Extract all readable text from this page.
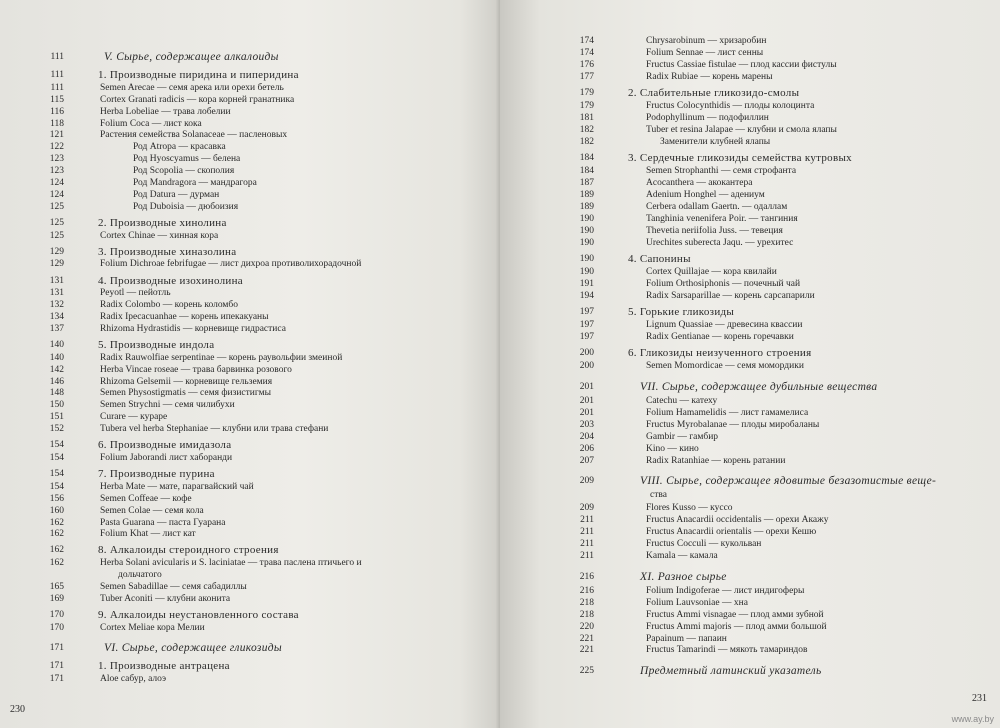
111	V. Сырье, содержащее алкалоиды
111	1. Производные пиридина и пиперидина
111	Semen Arecae — семя арека или орехи бетель
115	Cortex Granati radicis — кора корней гранатника
116	Herba Lobeliae — трава лобелии
118	Folium Coca — лист кока
121	Растения семейства Solanaceae — пасленовых
122	Род Atropa — красавка
123	Род Hyoscyamus — белена
123	Род Scopolia — скополия
124	Род Mandragora — мандрагора
124	Род Datura — дурман
125	Род Duboisia — дюбоизия
125	2. Производные хинолина
125	Cortex Chinae — хинная кора
129	3. Производные хиназолина
129	Folium Dichroae febrifugae — лист дихроа противолихорадочной
131	4. Производные изохинолина
131	Peyotl — пейотль
132	Radix Colombo — корень коломбо
134	Radix Ipecacuanhae — корень ипекакуаны
137	Rhizoma Hydrastidis — корневище гидрастиса
140	5. Производные индола
140	Radix Rauwolfiae serpentinae — корень раувольфии змеиной
142	Herba Vincae roseae — трава барвинка розового
146	Rhizoma Gelsemii — корневище гельземия
148	Semen Physostigmatis — семя физистигмы
150	Semen Strychni — семя чилибухи
151	Curare — кураре
152	Tubera vel herba Stephaniae — клубни или трава стефани
154	6. Производные имидазола
154	Folium Jaborandi лист хаборанди
154	7. Производные пурина
154	Herba Mate — мате, парагвайский чай
156	Semen Coffeae — кофе
160	Semen Colae — семя кола
162	Pasta Guarana — паста Гуарана
162	Folium Khat — лист кат
162	8. Алкалоиды стероидного строения
162	Herba Solani avicularis и S. laciniatae — трава паслена птичьего и
дольчатого
165	Semen Sabadillae — семя сабадиллы
169	Tuber Aconiti — клубни аконита
170	9. Алкалоиды неустановленного состава
170	Cortex Meliae кора Мелии
171	VI. Сырье, содержащее гликозиды
171	1. Производные антрацена
171	Aloe сабур, алоэ
230
174	Chrysarobinum — хризаробин
174	Folium Sennae — лист сенны
176	Fructus Cassiae fistulae — плод кассии фистулы
177	Radix Rubiae — корень марены
179	2. Слабительные гликозидо-смолы
179	Fructus Colocynthidis — плоды колоцинта
181	Podophyllinum — подофиллин
182	Tuber et resina Jalapae — клубни и смола ялапы
182	Заменители клубней ялапы
184	3. Сердечные гликозиды семейства кутровых
184	Semen Strophanthi — семя строфанта
187	Acocanthera — акокантера
189	Adenium Honghel — адениум
189	Cerbera odallam Gaertn. — одаллам
190	Tanghinia venenifera Poir. — тангиния
190	Thevetia neriifolia Juss. — тевеция
190	Urechites suberecta Jaqu. — урехитес
190	4. Сапонины
190	Cortex Quillajae — кора квилайи
191	Folium Orthosiphonis — почечный чай
194	Radix Sarsaparillae — корень сарсапарили
197	5. Горькие гликозиды
197	Lignum Quassiae — древесина квассии
197	Radix Gentianae — корень горечавки
200	6. Гликозиды неизученного строения
200	Semen Momordicae — семя момордики
201	VII. Сырье, содержащее дубильные вещества
201	Catechu — катеху
201	Folium Hamamelidis — лист гамамелиса
203	Fructus Myrobalanae — плоды миробаланы
204	Gambir — гамбир
206	Kino — кино
207	Radix Ratanhiae — корень ратании
209	VIII. Сырье, содержащее ядовитые безазотистые веще-
ства
209	Flores Kusso — куссо
211	Fructus Anacardii occidentalis — орехи Акажу
211	Fructus Anacardii orientalis — орехи Кешю
211	Fructus Cocculi — кукольван
211	Kamala — камала
216	XI. Разное сырье
216	Folium Indigoferae — лист индигоферы
218	Folium Lauvsoniae — хна
218	Fructus Ammi visnagae — плод амми зубной
220	Fructus Ammi majoris — плод амми большой
221	Papainum — папаин
221	Fructus Tamarindi — мякоть тамариндов
225	Предметный латинский указатель
231
www.ay.by
